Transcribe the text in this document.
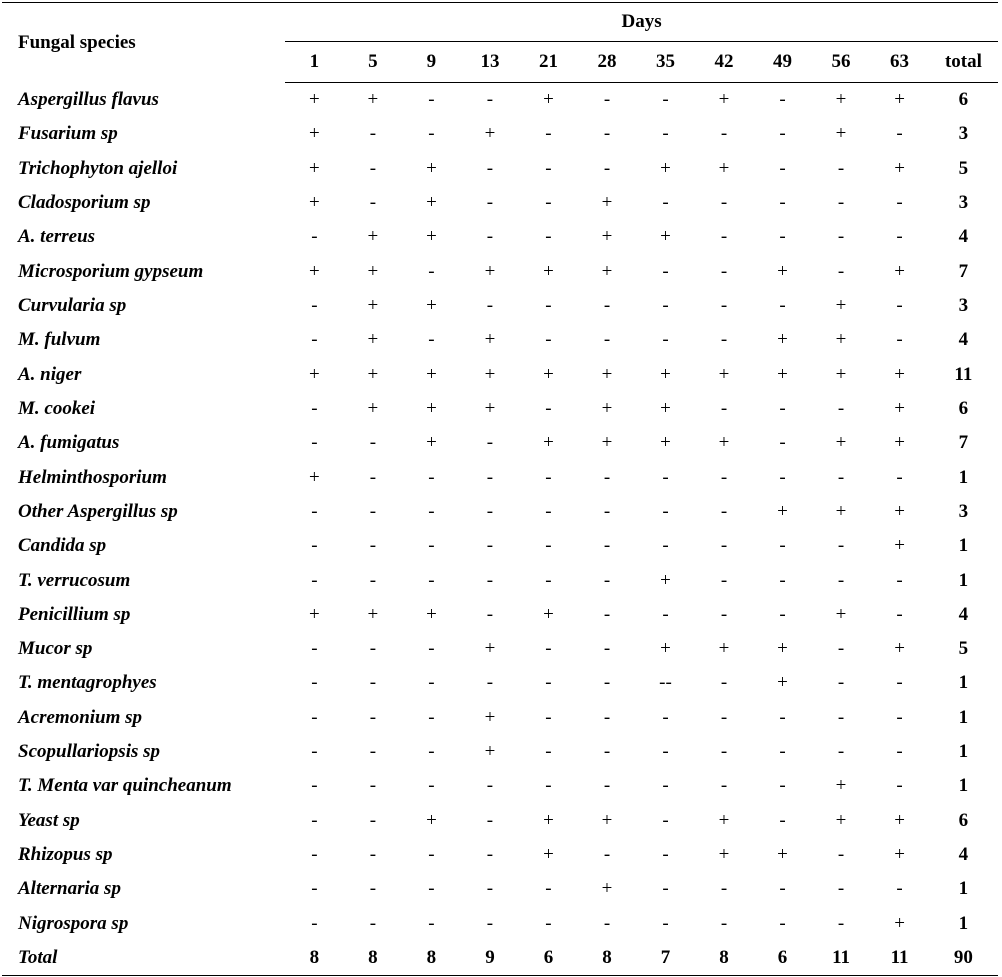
Fungal species	Days											
	1	5	9	13	21	28	35	42	49	56	63	total
Aspergillus flavus	+	+	-	-	+	-	-	+	-	+	+	6
Fusarium sp	+	-	-	+	-	-	-	-	-	+	-	3
Trichophyton ajelloi	+	-	+	-	-	-	+	+	-	-	+	5
Cladosporium sp	+	-	+	-	-	+	-	-	-	-	-	3
A. terreus	-	+	+	-	-	+	+	-	-	-	-	4
Microsporium gypseum	+	+	-	+	+	+	-	-	+	-	+	7
Curvularia sp	-	+	+	-	-	-	-	-	-	+	-	3
M. fulvum	-	+	-	+	-	-	-	-	+	+	-	4
A. niger	+	+	+	+	+	+	+	+	+	+	+	11
M. cookei	-	+	+	+	-	+	+	-	-	-	+	6
A. fumigatus	-	-	+	-	+	+	+	+	-	+	+	7
Helminthosporium	+	-	-	-	-	-	-	-	-	-	-	1
Other Aspergillus sp	-	-	-	-	-	-	-	-	+	+	+	3
Candida sp	-	-	-	-	-	-	-	-	-	-	+	1
T. verrucosum	-	-	-	-	-	-	+	-	-	-	-	1
Penicillium sp	+	+	+	-	+	-	-	-	-	+	-	4
Mucor sp	-	-	-	+	-	-	+	+	+	-	+	5
T. mentagrophyes	-	-	-	-	-	-	--	-	+	-	-	1
Acremonium sp	-	-	-	+	-	-	-	-	-	-	-	1
Scopullariopsis sp	-	-	-	+	-	-	-	-	-	-	-	1
T. Menta var quincheanum	-	-	-	-	-	-	-	-	-	+	-	1
Yeast sp	-	-	+	-	+	+	-	+	-	+	+	6
Rhizopus sp	-	-	-	-	+	-	-	+	+	-	+	4
Alternaria sp	-	-	-	-	-	+	-	-	-	-	-	1
Nigrospora sp	-	-	-	-	-	-	-	-	-	-	+	1
Total	8	8	8	9	6	8	7	8	6	11	11	90
